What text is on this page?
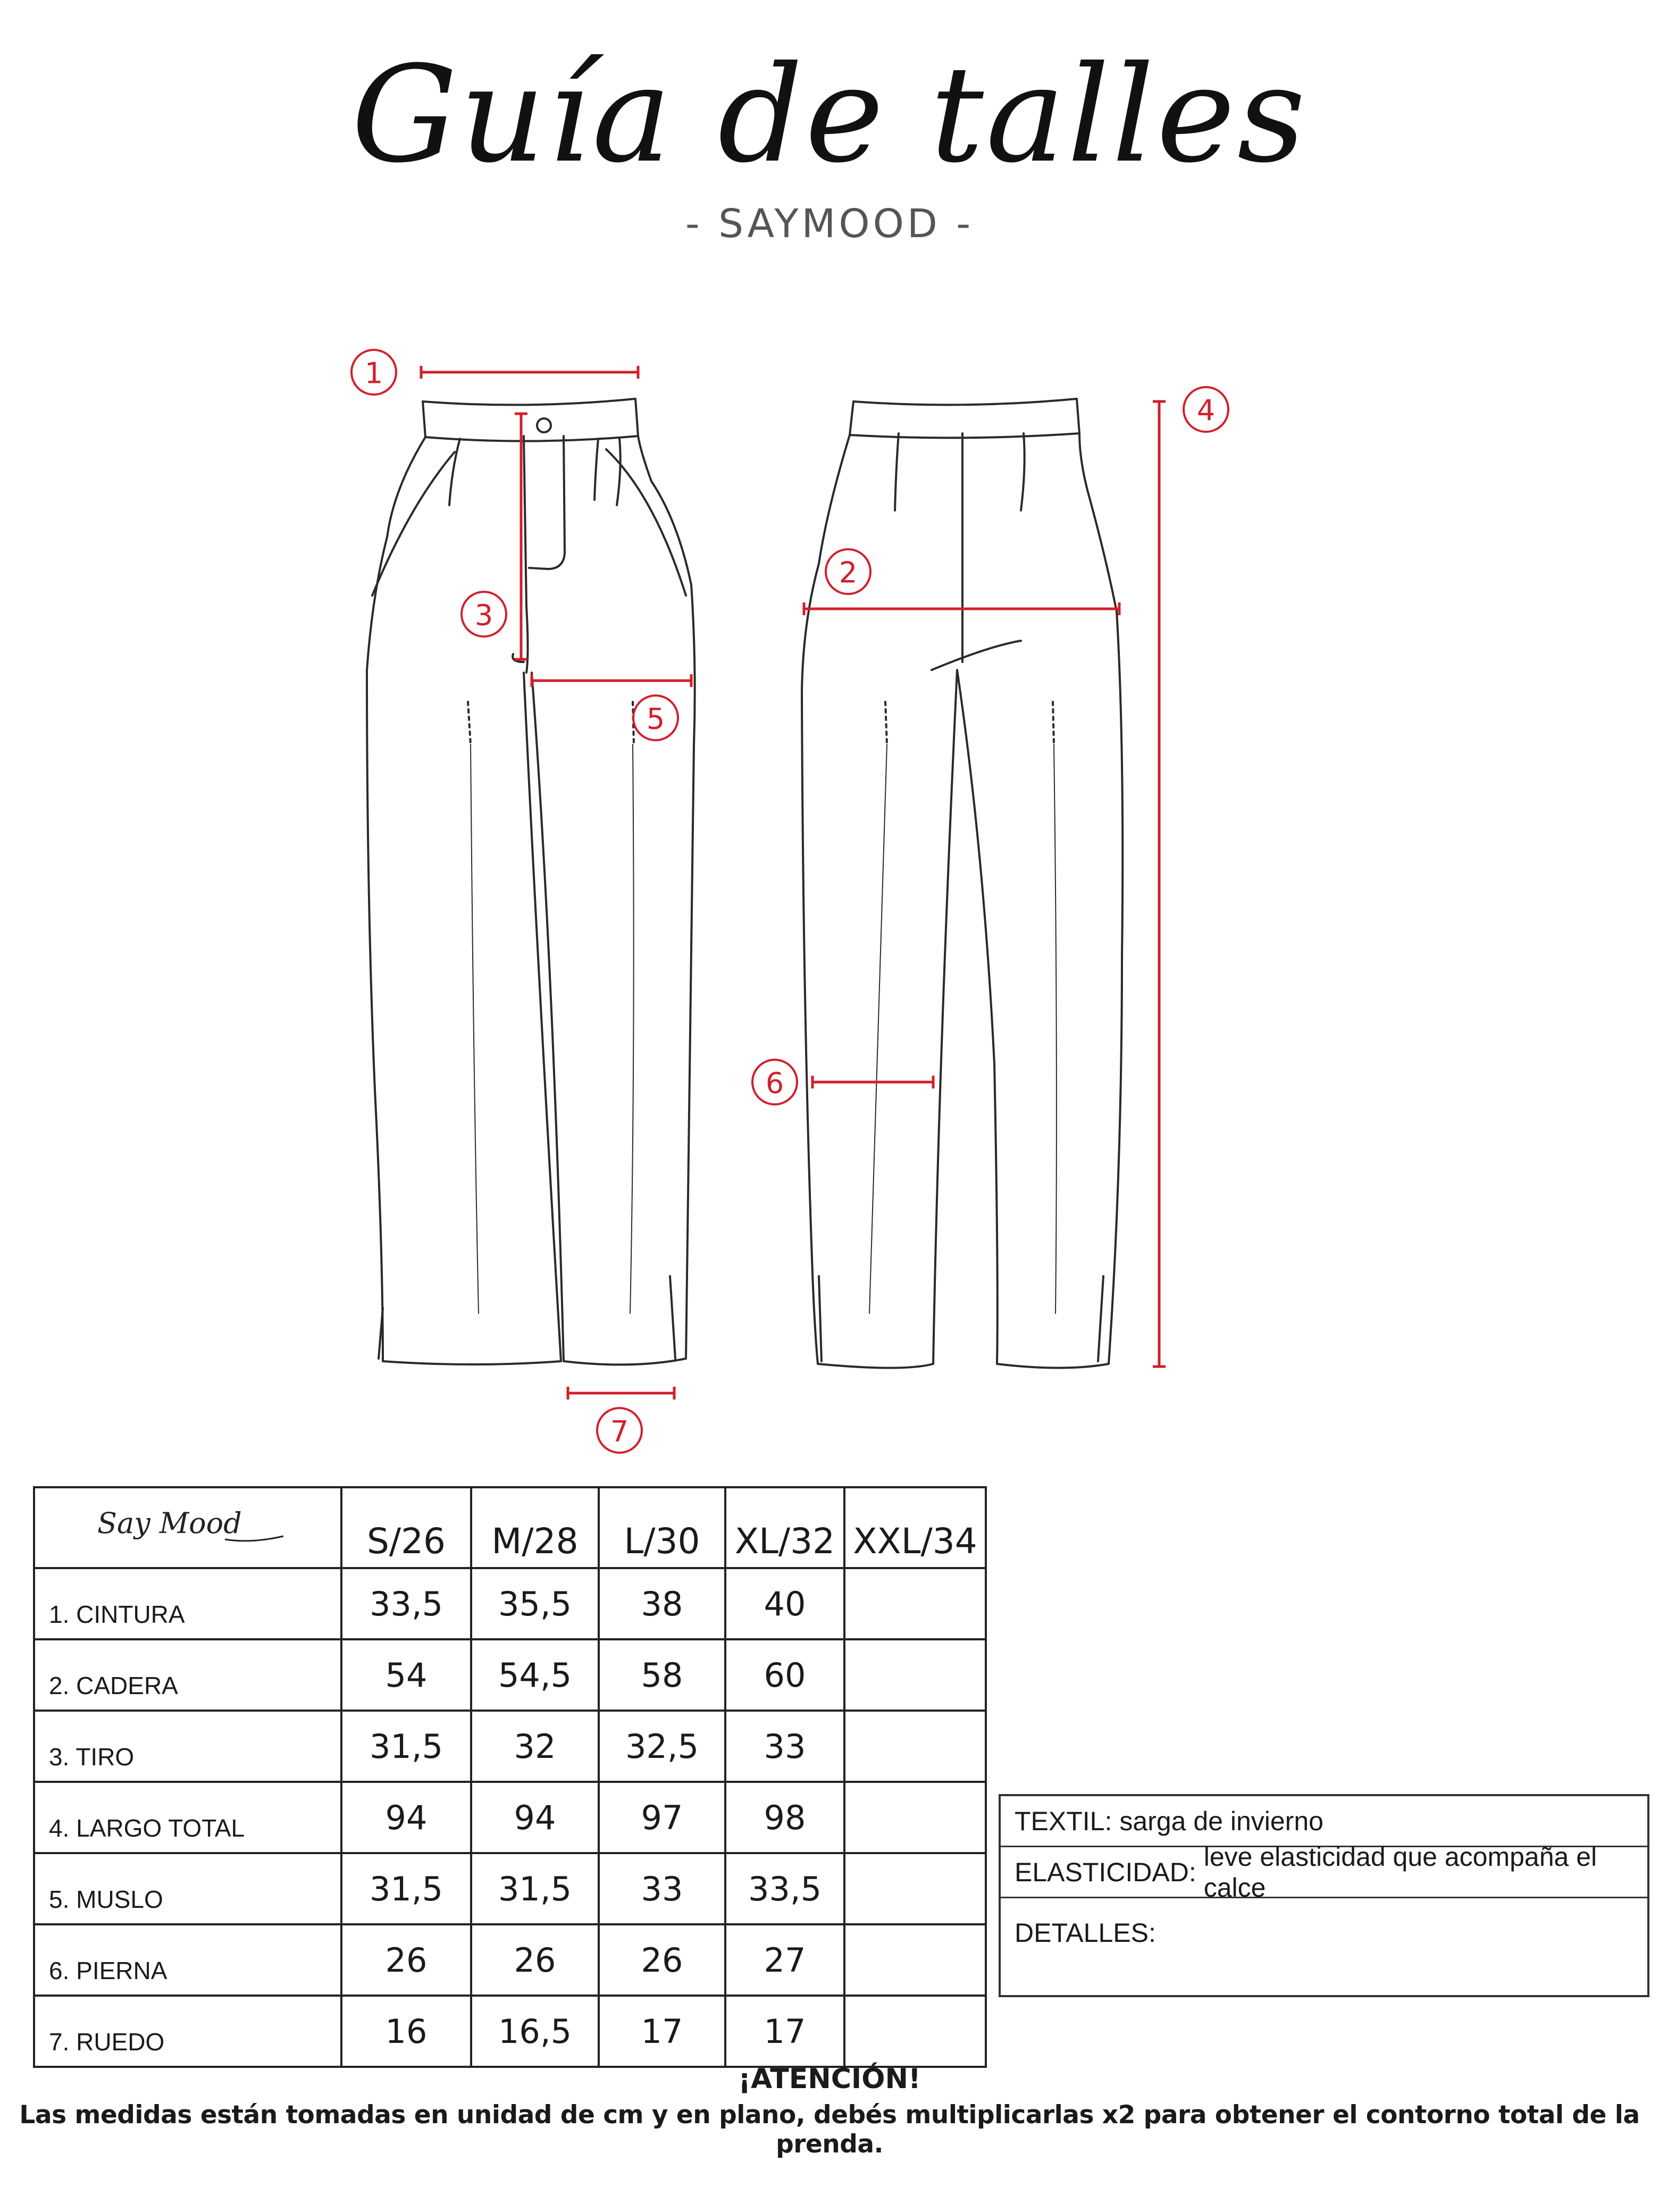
Guía de talles
- SAYMOOD -
1
4
2
3
5
6
7
Say Mood	S/26	M/28	L/30	XL/32	XXL/34
1. CINTURA	33,5	35,5	38	40	
2. CADERA	54	54,5	58	60	
3. TIRO	31,5	32	32,5	33	
4. LARGO TOTAL	94	94	97	98	
5. MUSLO	31,5	31,5	33	33,5	
6. PIERNA	26	26	26	27	
7. RUEDO	16	16,5	17	17	
TEXTIL: sarga de invierno
ELASTICIDAD:
leve elasticidad que acompaña el calce
DETALLES:
¡ATENCIÓN!
Las medidas están tomadas en unidad de cm y en plano, debés multiplicarlas x2 para obtener el contorno total de la prenda.
